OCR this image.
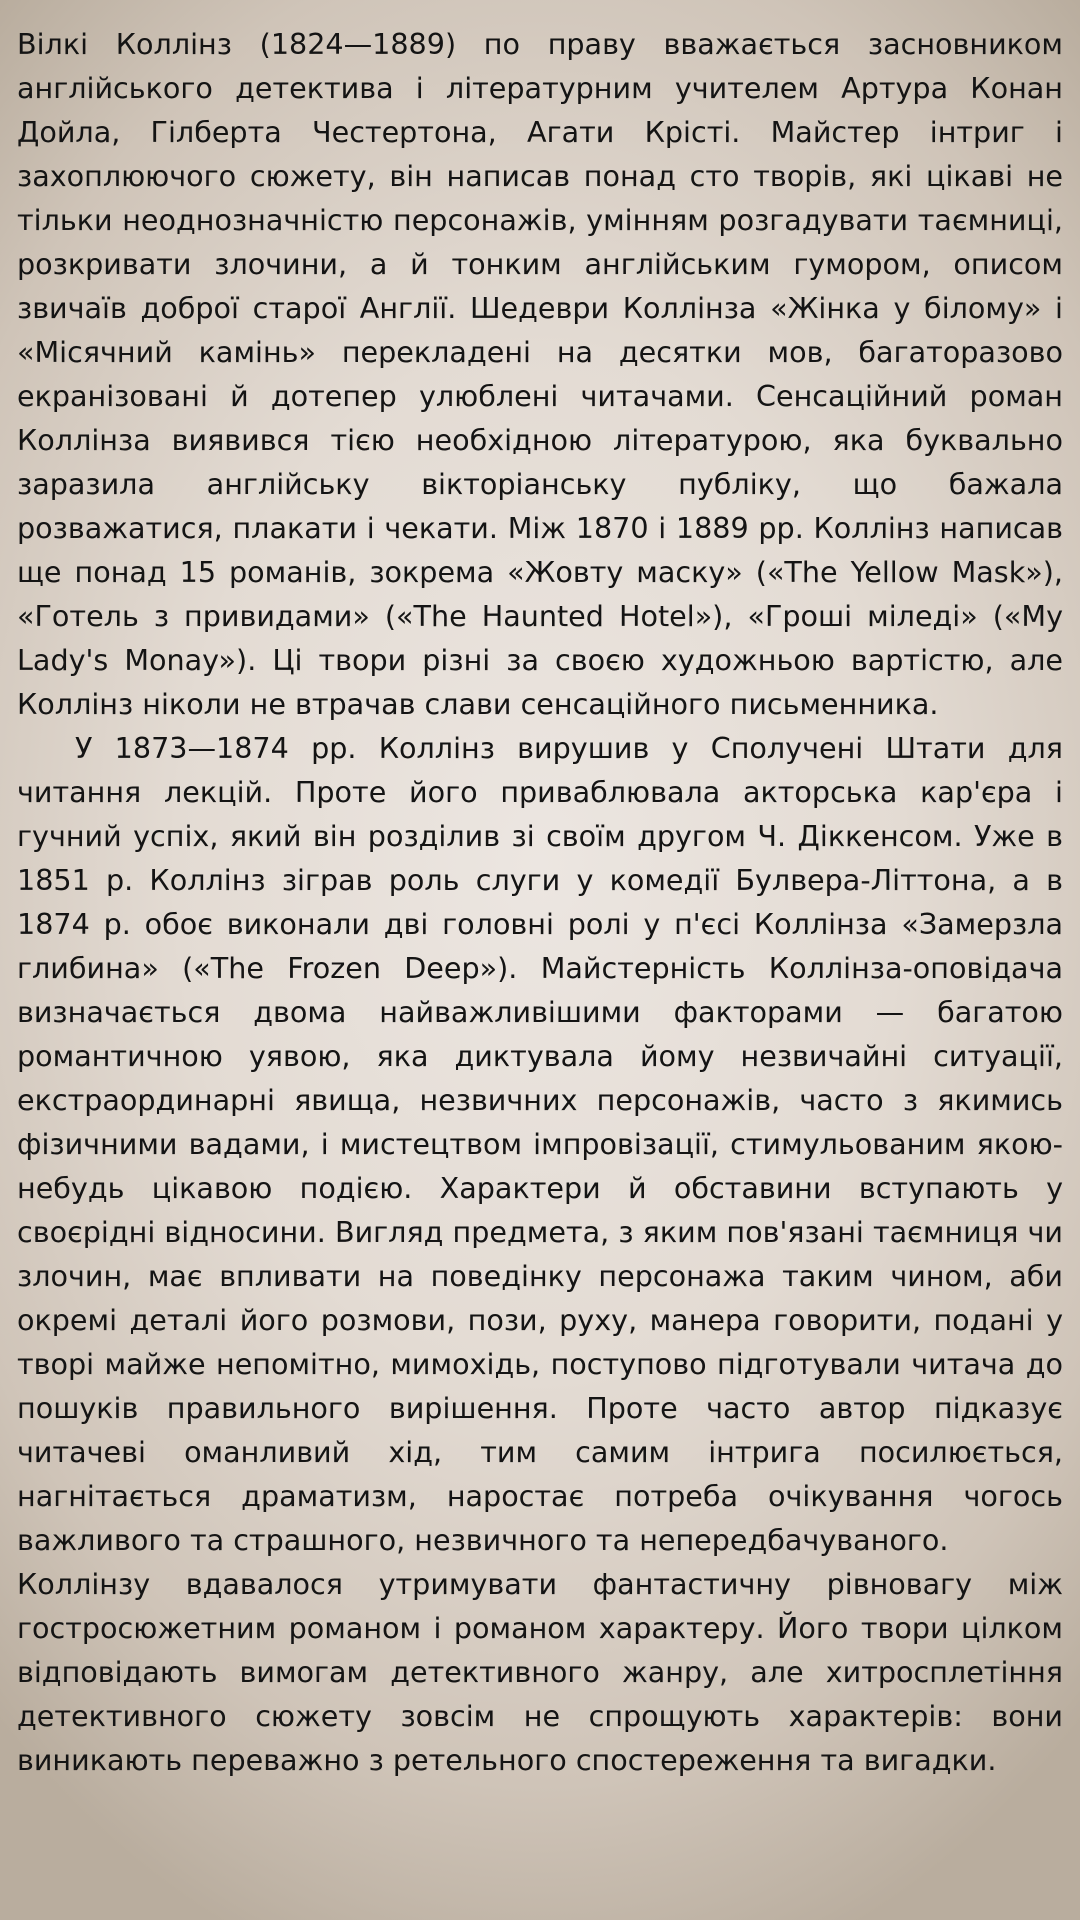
Вілкі Коллінз (1824—1889) по праву вважається засновником англійського детектива і літературним учителем Артура Конан Дойла, Гілберта Честертона, Агати Крісті. Майстер інтриг і захоплюючого сюжету, він написав понад сто творів, які цікаві не тільки неоднозначністю персонажів, умінням розгадувати таємниці, розкривати злочини, а й тонким англійським гумором, описом звичаїв доброї старої Англії. Шедеври Коллінза «Жінка у білому» і «Місячний камінь» перекладені на десятки мов, багаторазово екранізовані й дотепер улюблені читачами. Сенсаційний роман Коллінза виявився тією необхідною літературою, яка буквально заразила англійську вікторіанську публіку, що бажала розважатися, плакати і чекати. Між 1870 і 1889 рр. Коллінз написав ще понад 15 романів, зокрема «Жовту маску» («The Yellow Mask»), «Готель з привидами» («The Haunted Hotel»), «Гроші міледі» («My Lady's Monay»). Ці твори різні за своєю художньою вартістю, але Коллінз ніколи не втрачав слави сенсаційного письменника.

У 1873—1874 рр. Коллінз вирушив у Сполучені Штати для читання лекцій. Проте його приваблювала акторська кар'єра і гучний успіх, який він розділив зі своїм другом Ч. Діккенсом. Уже в 1851 р. Коллінз зіграв роль слуги у комедії Булвера-Літтона, а в 1874 р. обоє виконали дві головні ролі у п'єсі Коллінза «Замерзла глибина» («The Frozen Deep»). Майстерність Коллінза-оповідача визначається двома найважливішими факторами — багатою романтичною уявою, яка диктувала йому незвичайні ситуації, екстраординарні явища, незвичних персонажів, часто з якимись фізичними вадами, і мистецтвом імпровізації, стимульованим якою-небудь цікавою подією. Характери й обставини вступають у своєрідні відносини. Вигляд предмета, з яким пов'язані таємниця чи злочин, має впливати на поведінку персонажа таким чином, аби окремі деталі його розмови, пози, руху, манера говорити, подані у творі майже непомітно, мимохідь, поступово підготували читача до пошуків правильного вирішення. Проте часто автор підказує читачеві оманливий хід, тим самим інтрига посилюється, нагнітається драматизм, наростає потреба очікування чогось важливого та страшного, незвичного та непередбачуваного.

Коллінзу вдавалося утримувати фантастичну рівновагу між гостросюжетним романом і романом характеру. Його твори цілком відповідають вимогам детективного жанру, але хитросплетіння детективного сюжету зовсім не спрощують характерів: вони виникають переважно з ретельного спостереження та вигадки.
